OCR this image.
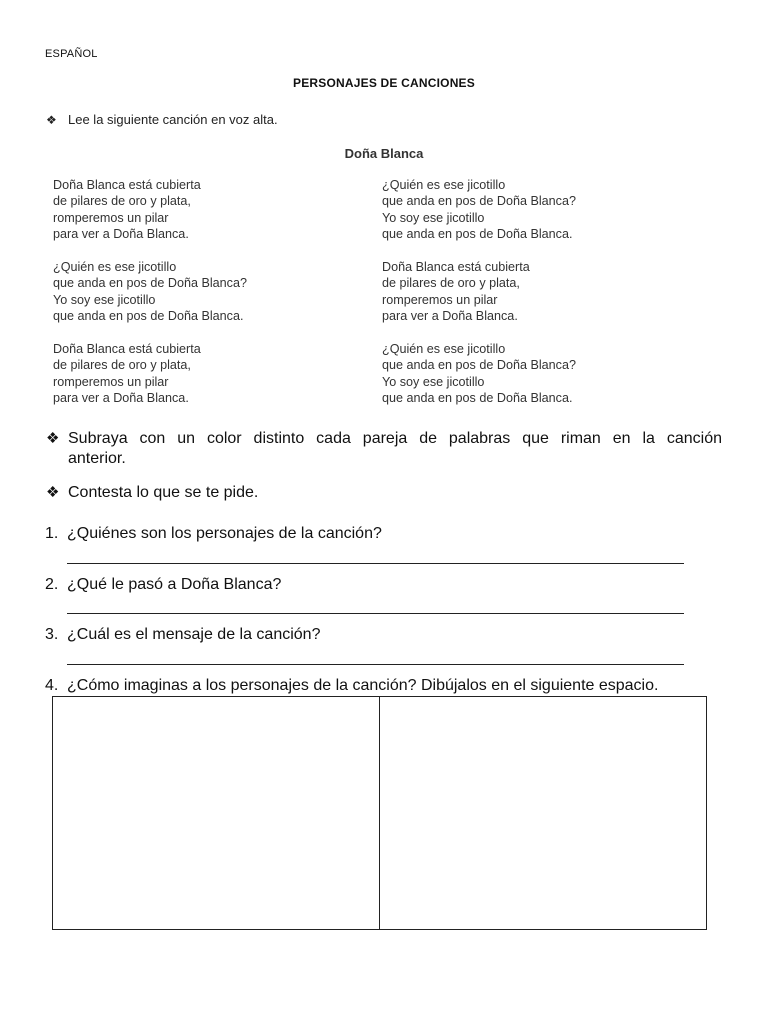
ESPAÑOL
PERSONAJES DE CANCIONES
❖ Lee la siguiente canción en voz alta.
Doña Blanca
Doña Blanca está cubierta
de pilares de oro y plata,
romperemos un pilar
para ver a Doña Blanca.
¿Quién es ese jicotillo
que anda en pos de Doña Blanca?
Yo soy ese jicotillo
que anda en pos de Doña Blanca.
Doña Blanca está cubierta
de pilares de oro y plata,
romperemos un pilar
para ver a Doña Blanca.
¿Quién es ese jicotillo
que anda en pos de Doña Blanca?
Yo soy ese jicotillo
que anda en pos de Doña Blanca.
Doña Blanca está cubierta
de pilares de oro y plata,
romperemos un pilar
para ver a Doña Blanca.
¿Quién es ese jicotillo
que anda en pos de Doña Blanca?
Yo soy ese jicotillo
que anda en pos de Doña Blanca.
❖ Subraya con un color distinto cada pareja de palabras que riman en la canción
anterior.
❖ Contesta lo que se te pide.
1. ¿Quiénes son los personajes de la canción?
2. ¿Qué le pasó a Doña Blanca?
3. ¿Cuál es el mensaje de la canción?
4. ¿Cómo imaginas a los personajes de la canción? Dibújalos en el siguiente espacio.
